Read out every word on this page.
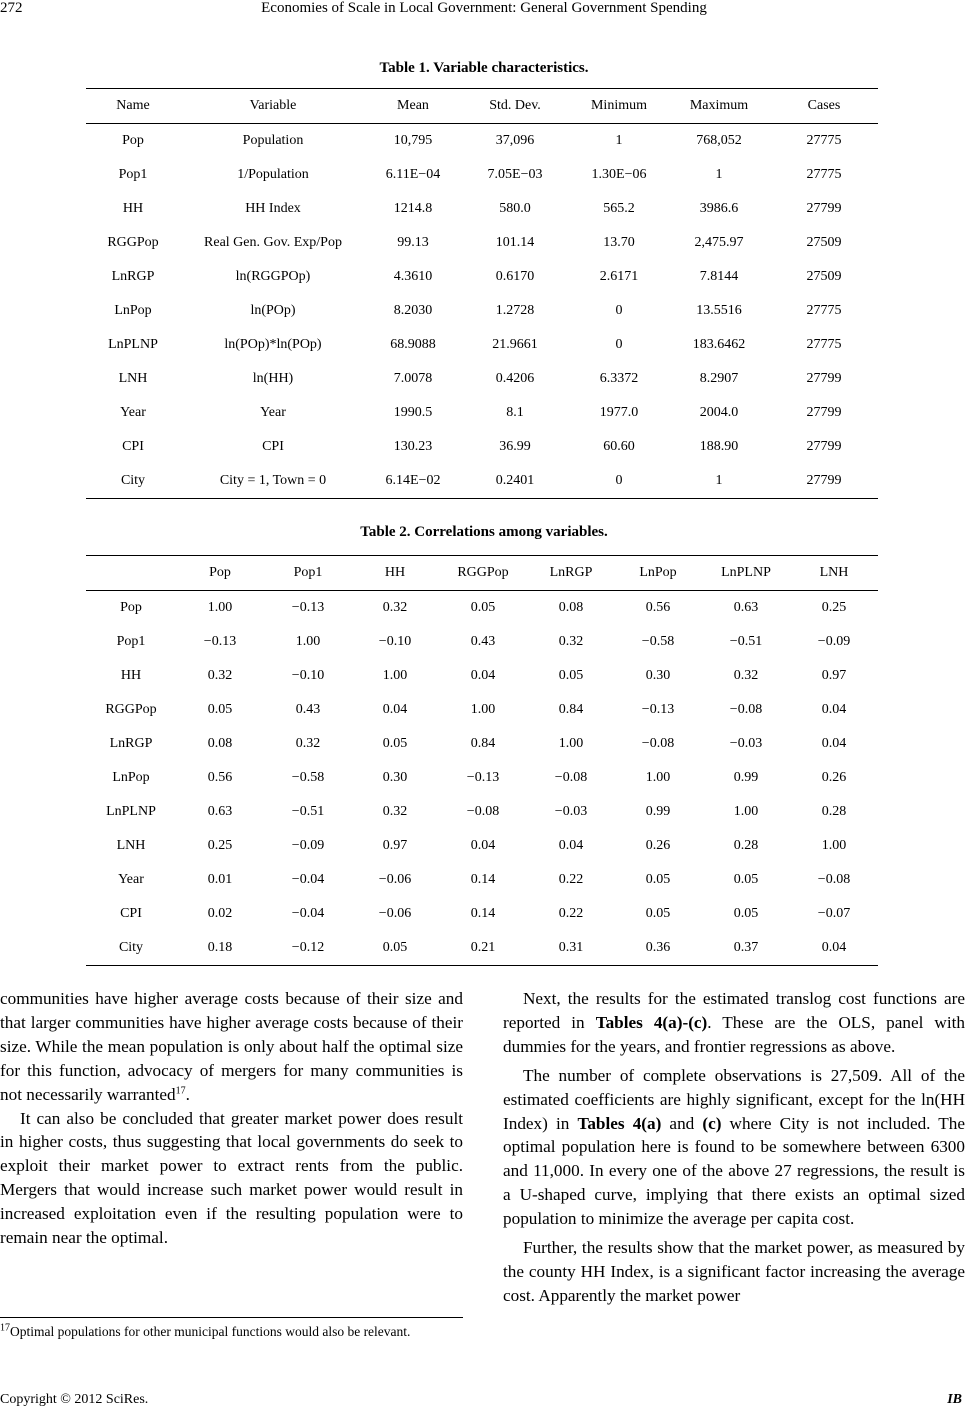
272	Economies of Scale in Local Government: General Government Spending
Table 1. Variable characteristics.
Name	Variable	Mean	Std. Dev.	Minimum	Maximum	Cases
Pop	Population	10,795	37,096	1	768,052	27775
Pop1	1/Population	6.11E−04	7.05E−03	1.30E−06	1	27775
HH	HH Index	1214.8	580.0	565.2	3986.6	27799
RGGPop	Real Gen. Gov. Exp/Pop	99.13	101.14	13.70	2,475.97	27509
LnRGP	ln(RGGPOp)	4.3610	0.6170	2.6171	7.8144	27509
LnPop	ln(POp)	8.2030	1.2728	0	13.5516	27775
LnPLNP	ln(POp)*ln(POp)	68.9088	21.9661	0	183.6462	27775
LNH	ln(HH)	7.0078	0.4206	6.3372	8.2907	27799
Year	Year	1990.5	8.1	1977.0	2004.0	27799
CPI	CPI	130.23	36.99	60.60	188.90	27799
City	City = 1, Town = 0	6.14E−02	0.2401	0	1	27799
Table 2. Correlations among variables.
	Pop	Pop1	HH	RGGPop	LnRGP	LnPop	LnPLNP	LNH
Pop	1.00	−0.13	0.32	0.05	0.08	0.56	0.63	0.25
Pop1	−0.13	1.00	−0.10	0.43	0.32	−0.58	−0.51	−0.09
HH	0.32	−0.10	1.00	0.04	0.05	0.30	0.32	0.97
RGGPop	0.05	0.43	0.04	1.00	0.84	−0.13	−0.08	0.04
LnRGP	0.08	0.32	0.05	0.84	1.00	−0.08	−0.03	0.04
LnPop	0.56	−0.58	0.30	−0.13	−0.08	1.00	0.99	0.26
LnPLNP	0.63	−0.51	0.32	−0.08	−0.03	0.99	1.00	0.28
LNH	0.25	−0.09	0.97	0.04	0.04	0.26	0.28	1.00
Year	0.01	−0.04	−0.06	0.14	0.22	0.05	0.05	−0.08
CPI	0.02	−0.04	−0.06	0.14	0.22	0.05	0.05	−0.07
City	0.18	−0.12	0.05	0.21	0.31	0.36	0.37	0.04

communities have higher average costs because of their size and that larger communities have higher average costs because of their size. While the mean population is only about half the optimal size for this function, advocacy of mergers for many communities is not necessarily warranted$^{17}$.

It can also be concluded that greater market power does result in higher costs, thus suggesting that local governments do seek to exploit their market power to extract rents from the public. Mergers that would increase such market power would result in increased exploitation even if the resulting population were to remain near the optimal.

$^{17}$Optimal populations for other municipal functions would also be relevant.

Next, the results for the estimated translog cost functions are reported in Tables 4(a)-(c). These are the OLS, panel with dummies for the years, and frontier regressions as above.

The number of complete observations is 27,509. All of the estimated coefficients are highly significant, except for the ln(HH Index) in Tables 4(a) and (c) where City is not included. The optimal population here is found to be somewhere between 6300 and 11,000. In every one of the above 27 regressions, the result is a U-shaped curve, implying that there exists an optimal sized population to minimize the average per capita cost.

Further, the results show that the market power, as measured by the county HH Index, is a significant factor increasing the average cost. Apparently the market power

Copyright © 2012 SciRes.	IB
